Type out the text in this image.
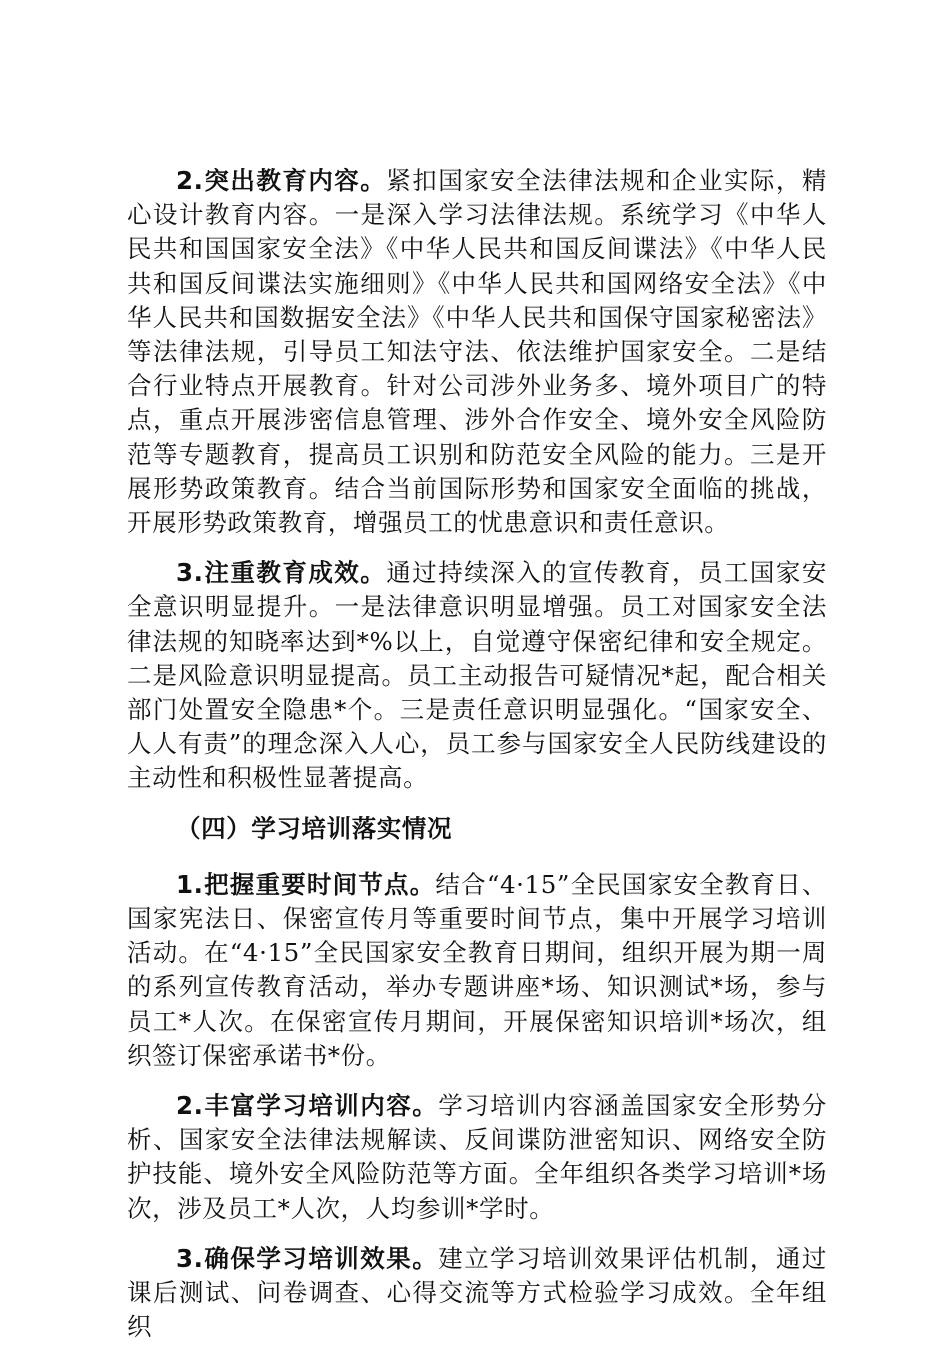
2.突出教育内容。紧扣国家安全法律法规和企业实际，精心设计教育内容。一是深入学习法律法规。系统学习《中华人民共和国国家安全法》《中华人民共和国反间谍法》《中华人民共和国反间谍法实施细则》《中华人民共和国网络安全法》《中华人民共和国数据安全法》《中华人民共和国保守国家秘密法》等法律法规，引导员工知法守法、依法维护国家安全。二是结合行业特点开展教育。针对公司涉外业务多、境外项目广的特点，重点开展涉密信息管理、涉外合作安全、境外安全风险防范等专题教育，提高员工识别和防范安全风险的能力。三是开展形势政策教育。结合当前国际形势和国家安全面临的挑战，开展形势政策教育，增强员工的忧患意识和责任意识。

3.注重教育成效。通过持续深入的宣传教育，员工国家安全意识明显提升。一是法律意识明显增强。员工对国家安全法律法规的知晓率达到*%以上，自觉遵守保密纪律和安全规定。二是风险意识明显提高。员工主动报告可疑情况*起，配合相关部门处置安全隐患*个。三是责任意识明显强化。“国家安全、人人有责”的理念深入人心，员工参与国家安全人民防线建设的主动性和积极性显著提高。

（四）学习培训落实情况

1.把握重要时间节点。结合“4·15”全民国家安全教育日、国家宪法日、保密宣传月等重要时间节点，集中开展学习培训活动。在“4·15”全民国家安全教育日期间，组织开展为期一周的系列宣传教育活动，举办专题讲座*场、知识测试*场，参与员工*人次。在保密宣传月期间，开展保密知识培训*场次，组织签订保密承诺书*份。

2.丰富学习培训内容。学习培训内容涵盖国家安全形势分析、国家安全法律法规解读、反间谍防泄密知识、网络安全防护技能、境外安全风险防范等方面。全年组织各类学习培训*场次，涉及员工*人次，人均参训*学时。

3.确保学习培训效果。建立学习培训效果评估机制，通过课后测试、问卷调查、心得交流等方式检验学习成效。全年组织
